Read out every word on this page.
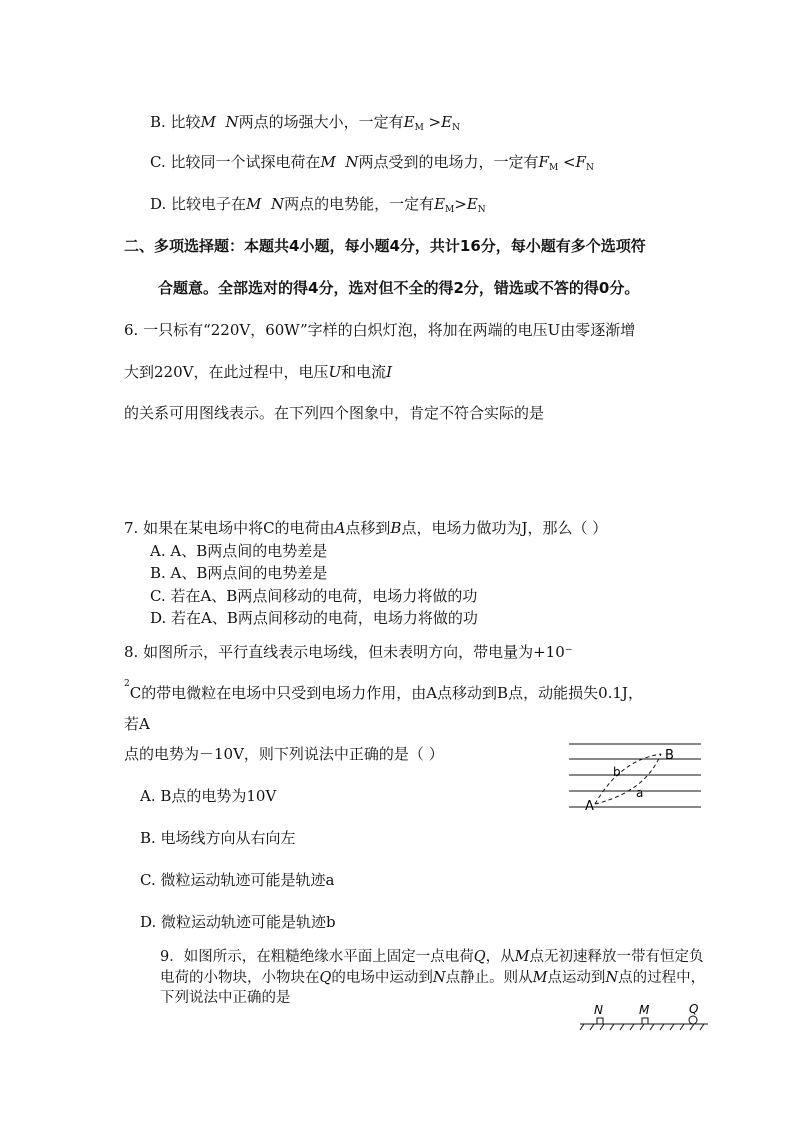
B. 比较M N两点的场强大小，一定有$E_M >E_N$
C. 比较同一个试探电荷在M N两点受到的电场力，一定有$F_M <F_N$
D. 比较电子在M N两点的电势能，一定有$E_M>E_N$
二、多项选择题：本题共4小题，每小题4分，共计16分，每小题有多个选项符
合题意。全部选对的得4分，选对但不全的得2分，错选或不答的得0分。
6. 一只标有“220V，60W”字样的白炽灯泡，将加在两端的电压U由零逐渐增
大到220V，在此过程中，电压U和电流I
的关系可用图线表示。在下列四个图象中，肯定不符合实际的是
7. 如果在某电场中将C的电荷由A点移到B点，电场力做功为J，那么（ ）
A. A、B两点间的电势差是
B. A、B两点间的电势差是
C. 若在A、B两点间移动的电荷，电场力将做的功
D. 若在A、B两点间移动的电荷，电场力将做的功
8. 如图所示，平行直线表示电场线，但未表明方向，带电量为+10⁻
$^2$C的带电微粒在电场中只受到电场力作用，由A点移动到B点，动能损失0.1J，
若A
点的电势为－10V，则下列说法中正确的是（ ）
A. B点的电势为10V
B. 电场线方向从右向左
C. 微粒运动轨迹可能是轨迹a
D. 微粒运动轨迹可能是轨迹b
A
B
b
a
9．如图所示，在粗糙绝缘水平面上固定一点电荷Q，从M点无初速释放一带有恒定负
电荷的小物块，小物块在Q的电场中运动到N点静止。则从M点运动到N点的过程中，
下列说法中正确的是
N	M	Q
